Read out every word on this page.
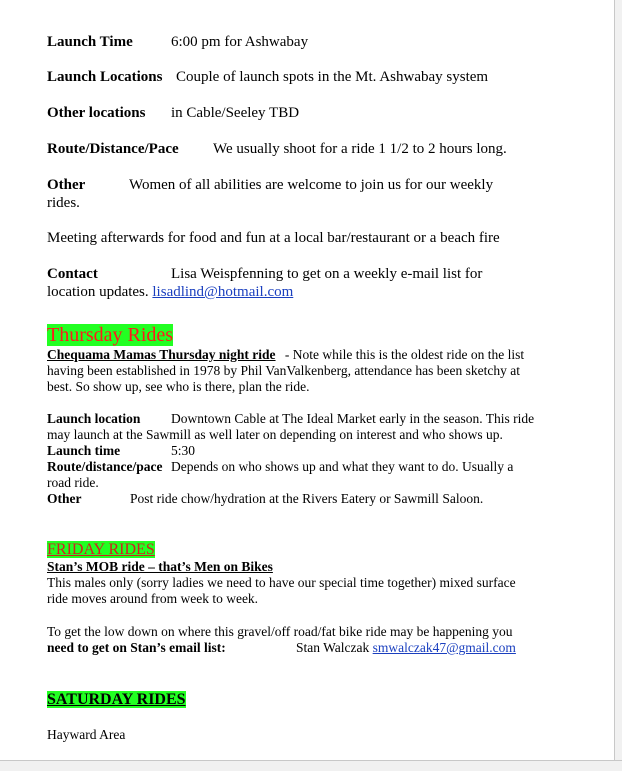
Launch Time	6:00 pm for Ashwabay
Launch Locations Couple of launch spots in the Mt. Ashwabay system
Other locations in Cable/Seeley TBD
Route/Distance/Pace We usually shoot for a ride 1 1/2 to 2 hours long.
Other	Women of all abilities are welcome to join us for our weekly
rides.
Meeting afterwards for food and fun at a local bar/restaurant or a beach fire
Contact	Lisa Weispfenning to get on a weekly e-mail list for
location updates. lisadlind@hotmail.com
Thursday Rides
Chequama Mamas Thursday night ride - Note while this is the oldest ride on the list
having been established in 1978 by Phil VanValkenberg, attendance has been sketchy at
best. So show up, see who is there, plan the ride.
Launch location Downtown Cable at The Ideal Market early in the season. This ride
may launch at the Sawmill as well later on depending on interest and who shows up.
Launch time	5:30
Route/distance/pace Depends on who shows up and what they want to do. Usually a
road ride.
Other	Post ride chow/hydration at the Rivers Eatery or Sawmill Saloon.
FRIDAY RIDES
Stan’s MOB ride – that’s Men on Bikes
This males only (sorry ladies we need to have our special time together) mixed surface
ride moves around from week to week.
To get the low down on where this gravel/off road/fat bike ride may be happening you
need to get on Stan’s email list:	Stan Walczak smwalczak47@gmail.com
SATURDAY RIDES
Hayward Area
